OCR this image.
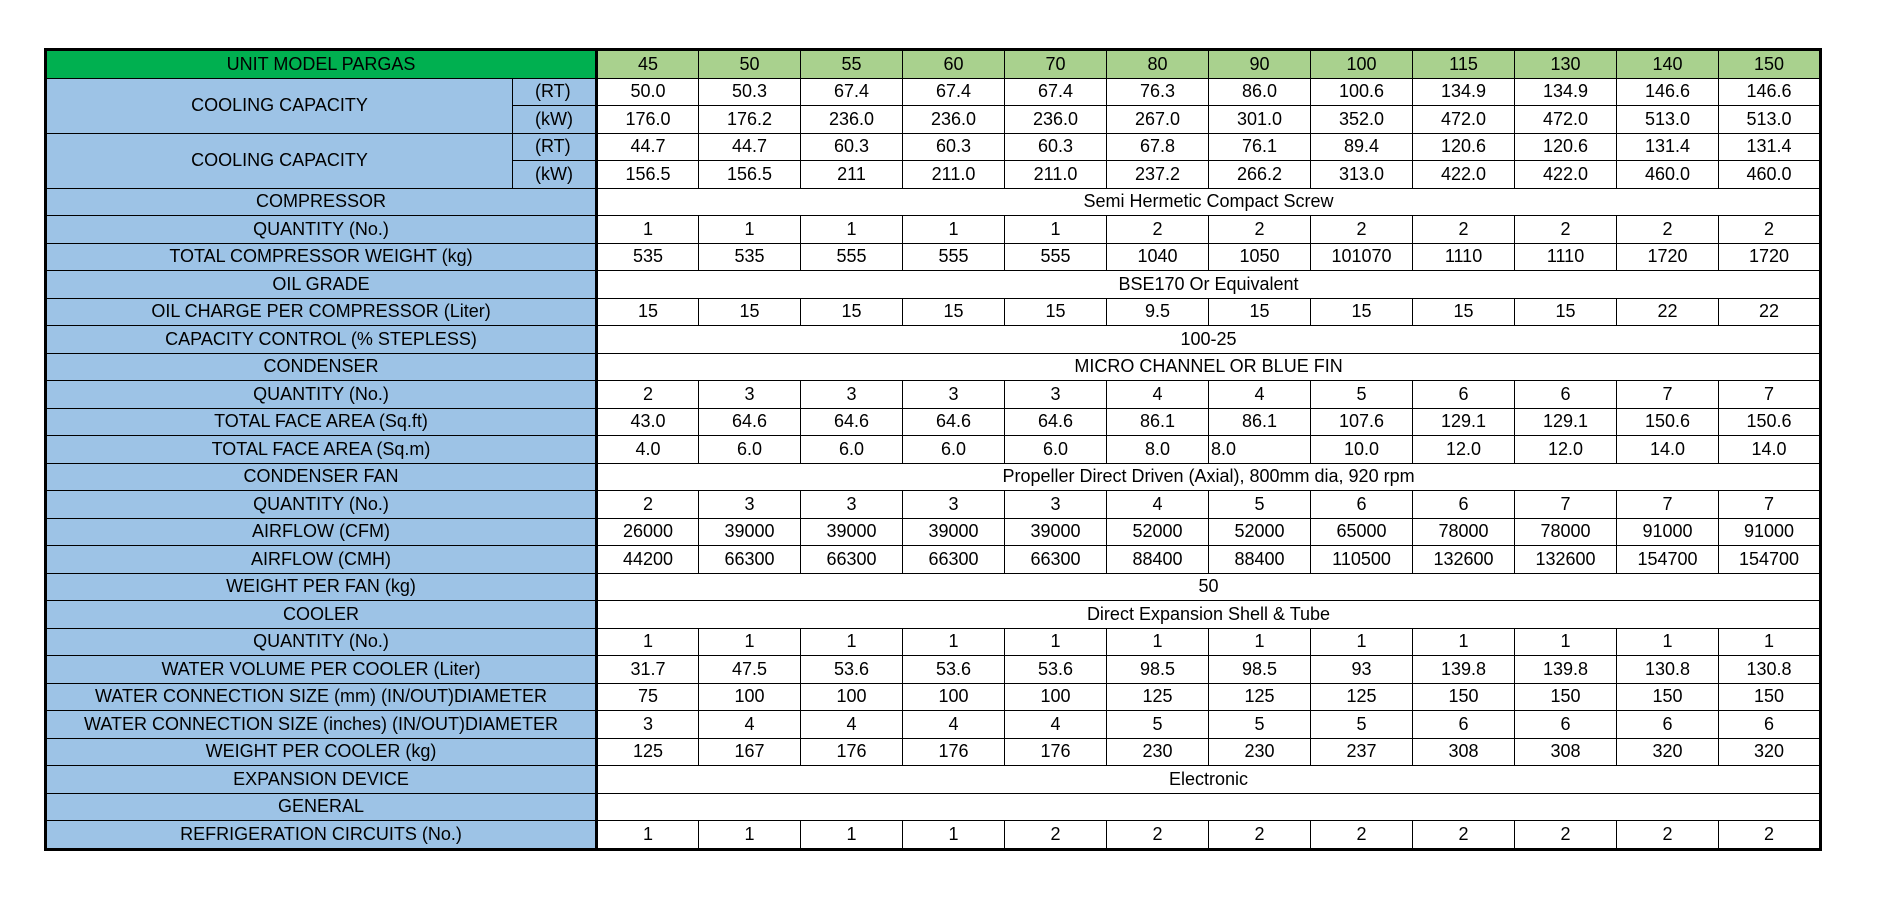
UNIT MODEL PARGAS		45	50	55	60	70	80	90	100	115	130	140	150
COOLING CAPACITY	(RT)	50.0	50.3	67.4	67.4	67.4	76.3	86.0	100.6	134.9	134.9	146.6	146.6
	(kW)	176.0	176.2	236.0	236.0	236.0	267.0	301.0	352.0	472.0	472.0	513.0	513.0
COOLING CAPACITY	(RT)	44.7	44.7	60.3	60.3	60.3	67.8	76.1	89.4	120.6	120.6	131.4	131.4
	(kW)	156.5	156.5	211	211.0	211.0	237.2	266.2	313.0	422.0	422.0	460.0	460.0
COMPRESSOR		Semi Hermetic Compact Screw											
QUANTITY (No.)		1	1	1	1	1	2	2	2	2	2	2	2
TOTAL COMPRESSOR WEIGHT (kg)		535	535	555	555	555	1040	1050	101070	1110	1110	1720	1720
OIL GRADE		BSE170 Or Equivalent											
OIL CHARGE PER COMPRESSOR (Liter)		15	15	15	15	15	9.5	15	15	15	15	22	22
CAPACITY CONTROL (% STEPLESS)		100-25											
CONDENSER		MICRO CHANNEL OR BLUE FIN											
QUANTITY (No.)		2	3	3	3	3	4	4	5	6	6	7	7
TOTAL FACE AREA (Sq.ft)		43.0	64.6	64.6	64.6	64.6	86.1	86.1	107.6	129.1	129.1	150.6	150.6
TOTAL FACE AREA (Sq.m)		4.0	6.0	6.0	6.0	6.0	8.0	8.0	10.0	12.0	12.0	14.0	14.0
CONDENSER FAN		Propeller Direct Driven (Axial), 800mm dia, 920 rpm											
QUANTITY (No.)		2	3	3	3	3	4	5	6	6	7	7	7
AIRFLOW (CFM)		26000	39000	39000	39000	39000	52000	52000	65000	78000	78000	91000	91000
AIRFLOW (CMH)		44200	66300	66300	66300	66300	88400	88400	110500	132600	132600	154700	154700
WEIGHT PER FAN (kg)		50											
COOLER		Direct Expansion Shell & Tube											
QUANTITY (No.)		1	1	1	1	1	1	1	1	1	1	1	1
WATER VOLUME PER COOLER (Liter)		31.7	47.5	53.6	53.6	53.6	98.5	98.5	93	139.8	139.8	130.8	130.8
WATER CONNECTION SIZE (mm) (IN/OUT)DIAMETER		75	100	100	100	100	125	125	125	150	150	150	150
WATER CONNECTION SIZE (inches) (IN/OUT)DIAMETER		3	4	4	4	4	5	5	5	6	6	6	6
WEIGHT PER COOLER (kg)		125	167	176	176	176	230	230	237	308	308	320	320
EXPANSION DEVICE		Electronic											
GENERAL													
REFRIGERATION CIRCUITS (No.)		1	1	1	1	2	2	2	2	2	2	2	2
